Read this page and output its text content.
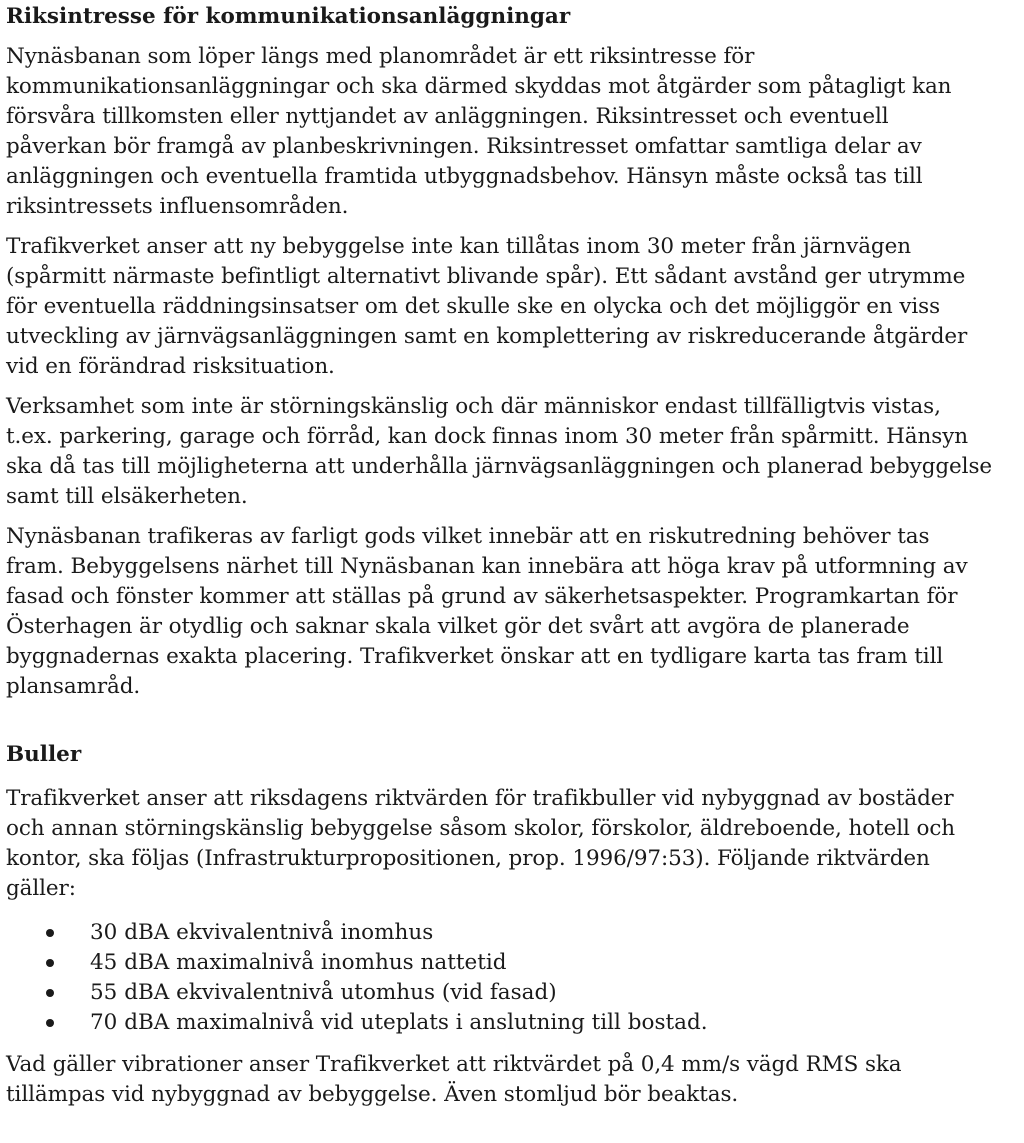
Riksintresse för kommunikationsanläggningar

Nynäsbanan som löper längs med planområdet är ett riksintresse för
kommunikationsanläggningar och ska därmed skyddas mot åtgärder som påtagligt kan
försvåra tillkomsten eller nyttjandet av anläggningen. Riksintresset och eventuell
påverkan bör framgå av planbeskrivningen. Riksintresset omfattar samtliga delar av
anläggningen och eventuella framtida utbyggnadsbehov. Hänsyn måste också tas till
riksintressets influensområden.

Trafikverket anser att ny bebyggelse inte kan tillåtas inom 30 meter från järnvägen
(spårmitt närmaste befintligt alternativt blivande spår). Ett sådant avstånd ger utrymme
för eventuella räddningsinsatser om det skulle ske en olycka och det möjliggör en viss
utveckling av järnvägsanläggningen samt en komplettering av riskreducerande åtgärder
vid en förändrad risksituation.

Verksamhet som inte är störningskänslig och där människor endast tillfälligtvis vistas,
t.ex. parkering, garage och förråd, kan dock finnas inom 30 meter från spårmitt. Hänsyn
ska då tas till möjligheterna att underhålla järnvägsanläggningen och planerad bebyggelse
samt till elsäkerheten.

Nynäsbanan trafikeras av farligt gods vilket innebär att en riskutredning behöver tas
fram. Bebyggelsens närhet till Nynäsbanan kan innebära att höga krav på utformning av
fasad och fönster kommer att ställas på grund av säkerhetsaspekter. Programkartan för
Österhagen är otydlig och saknar skala vilket gör det svårt att avgöra de planerade
byggnadernas exakta placering. Trafikverket önskar att en tydligare karta tas fram till
plansamråd.

Buller

Trafikverket anser att riksdagens riktvärden för trafikbuller vid nybyggnad av bostäder
och annan störningskänslig bebyggelse såsom skolor, förskolor, äldreboende, hotell och
kontor, ska följas (Infrastrukturpropositionen, prop. 1996/97:53). Följande riktvärden
gäller:

30 dBA ekvivalentnivå inomhus
45 dBA maximalnivå inomhus nattetid
55 dBA ekvivalentnivå utomhus (vid fasad)
70 dBA maximalnivå vid uteplats i anslutning till bostad.

Vad gäller vibrationer anser Trafikverket att riktvärdet på 0,4 mm/s vägd RMS ska
tillämpas vid nybyggnad av bebyggelse. Även stomljud bör beaktas.
